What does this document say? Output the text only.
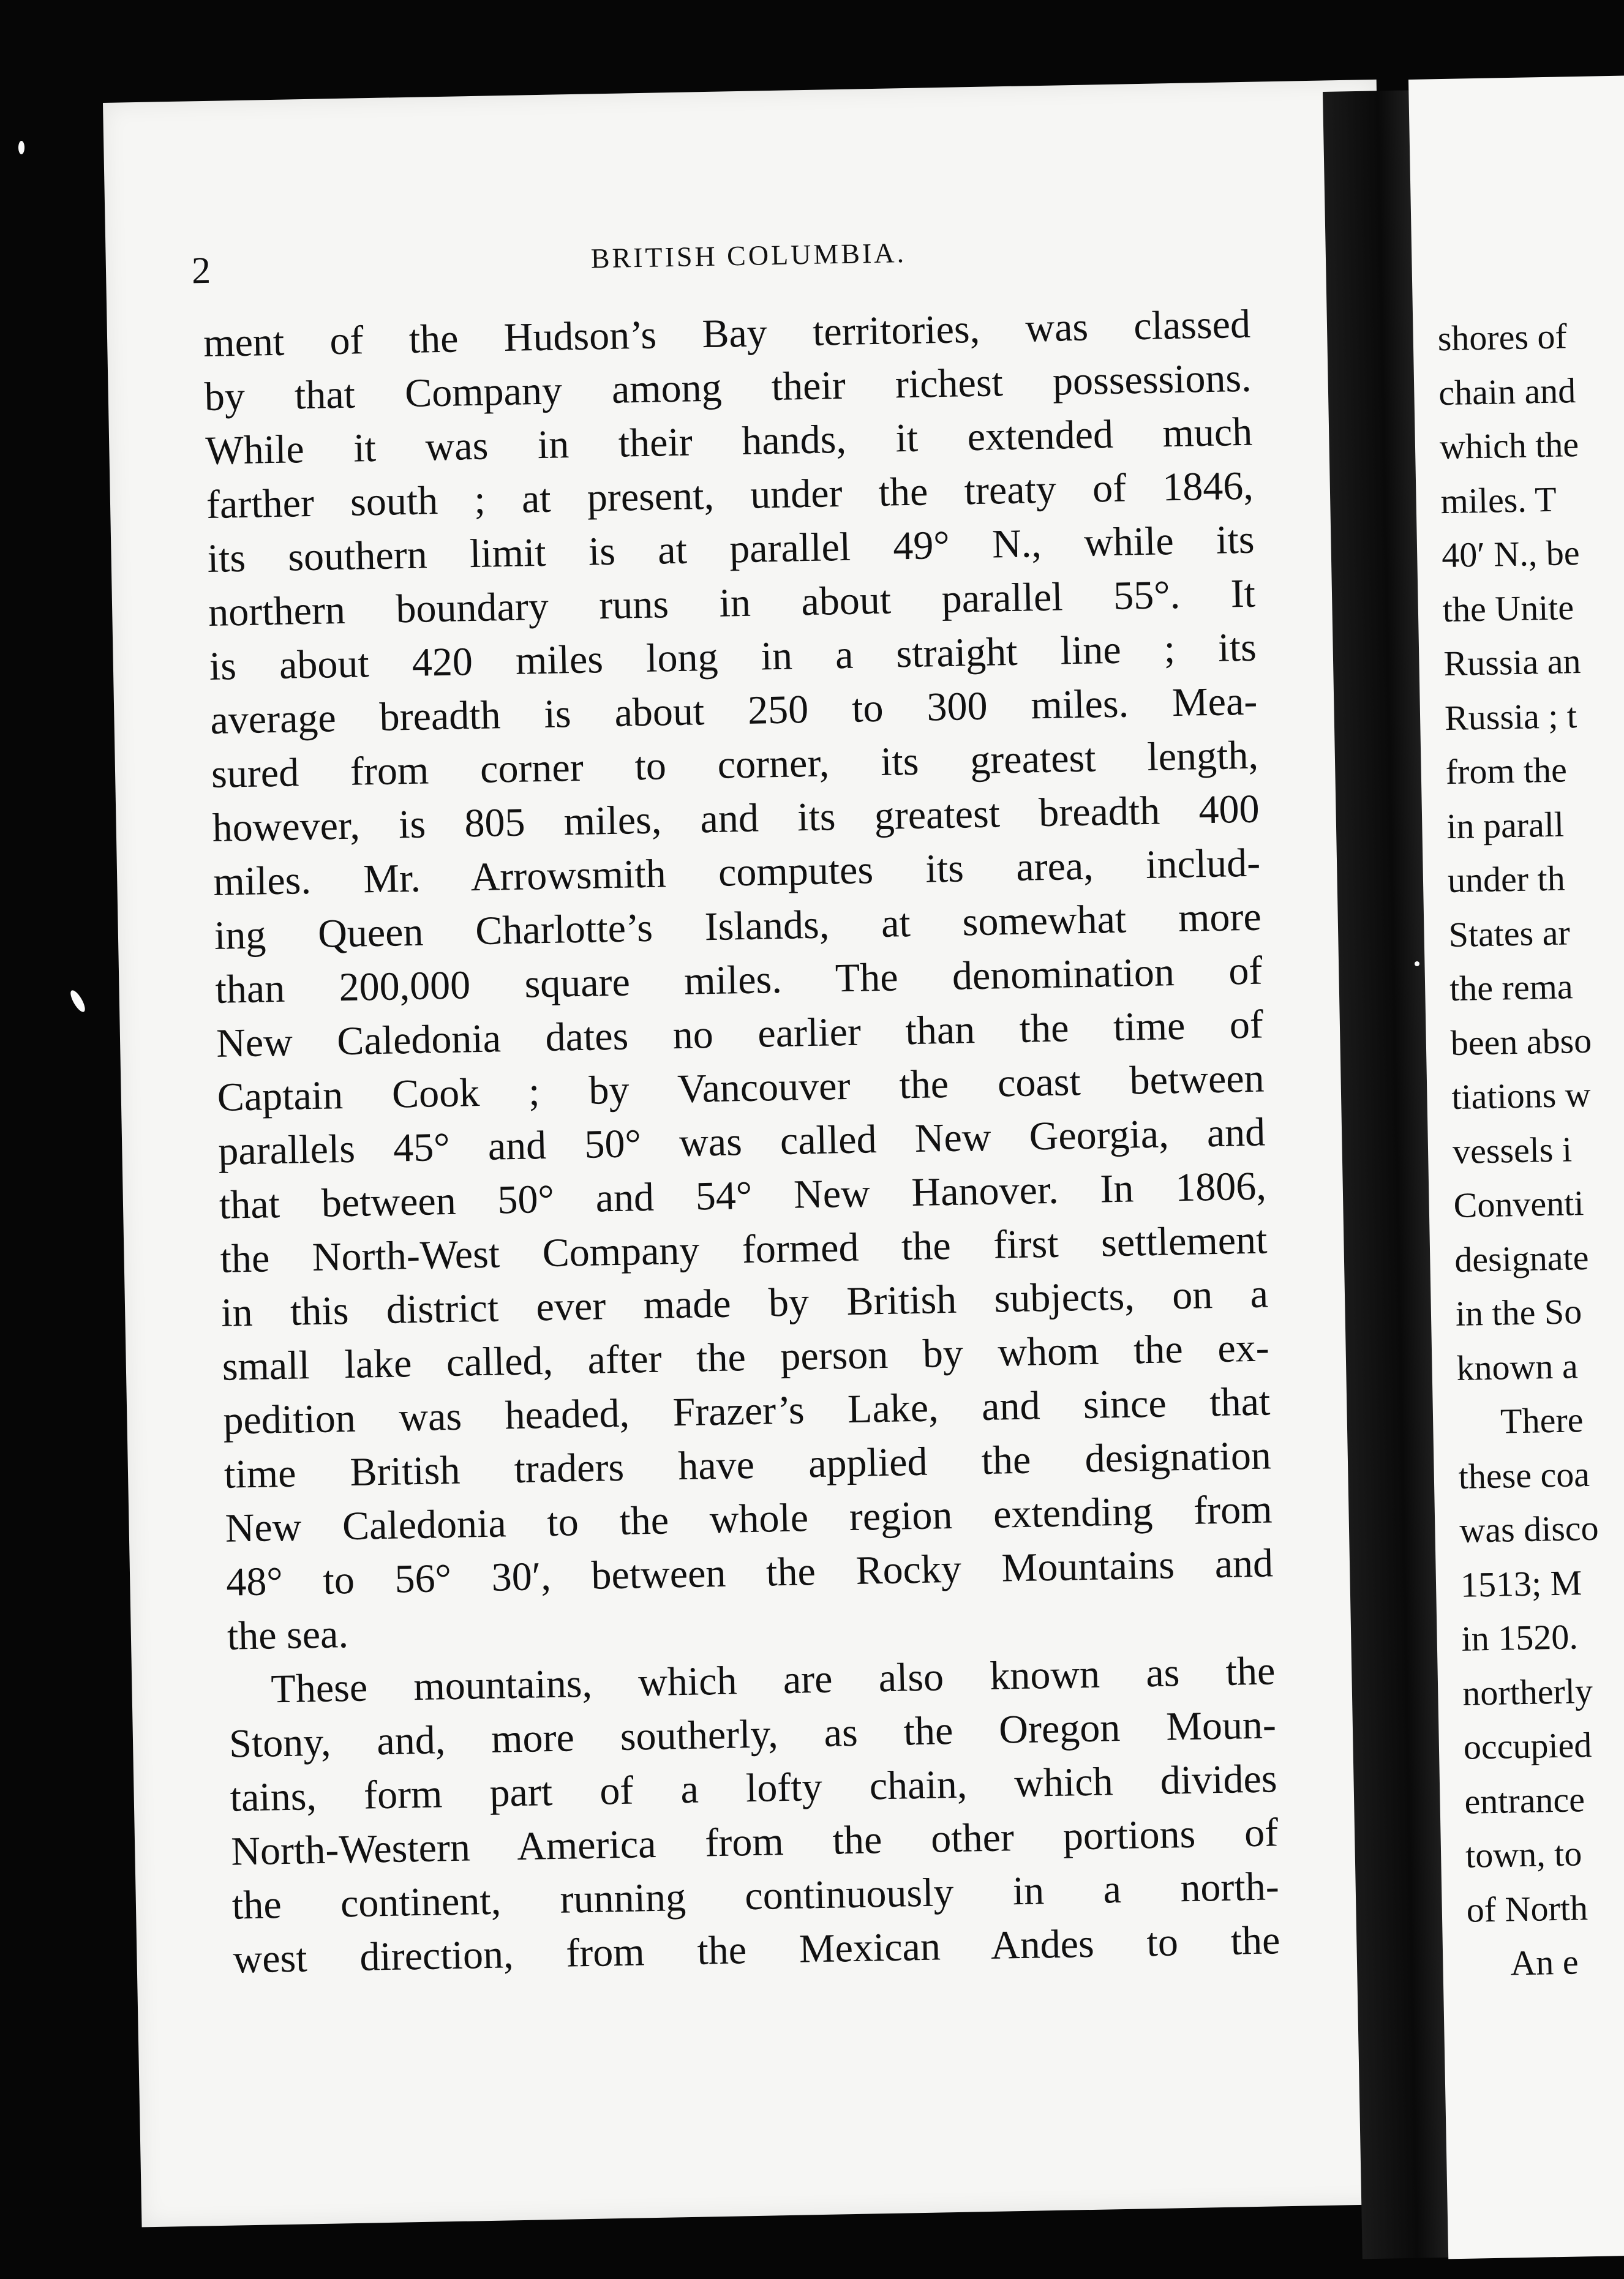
shores of
chain and
which the
miles. T
40′ N., be
the Unite
Russia an
Russia ; t
from the
in parall
under th
States ar
the rema
been abso
tiations w
vessels i
Conventi
designate
in the So
known a
There
these coa
was disco
1513; M
in 1520.
northerly
occupied
entrance
town, to
of North
An e
2	BRITISH COLUMBIA.
ment of the Hudson’s Bay territories, was classed
by that Company among their richest possessions.
While it was in their hands, it extended much
farther south ; at present, under the treaty of 1846,
its southern limit is at parallel 49° N., while its
northern boundary runs in about parallel 55°. It
is about 420 miles long in a straight line ; its
average breadth is about 250 to 300 miles. Mea-
sured from corner to corner, its greatest length,
however, is 805 miles, and its greatest breadth 400
miles. Mr. Arrowsmith computes its area, includ-
ing Queen Charlotte’s Islands, at somewhat more
than 200,000 square miles. The denomination of
New Caledonia dates no earlier than the time of
Captain Cook ; by Vancouver the coast between
parallels 45° and 50° was called New Georgia, and
that between 50° and 54° New Hanover. In 1806,
the North-West Company formed the first settlement
in this district ever made by British subjects, on a
small lake called, after the person by whom the ex-
pedition was headed, Frazer’s Lake, and since that
time British traders have applied the designation
New Caledonia to the whole region extending from
48° to 56° 30′, between the Rocky Mountains and
the sea.
These mountains, which are also known as the
Stony, and, more southerly, as the Oregon Moun-
tains, form part of a lofty chain, which divides
North-Western America from the other portions of
the continent, running continuously in a north-
west direction, from the Mexican Andes to the
